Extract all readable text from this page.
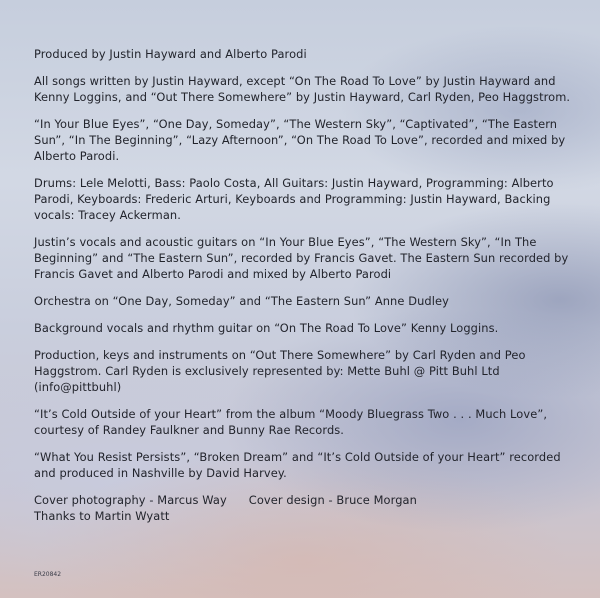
Produced by Justin Hayward and Alberto Parodi

All songs written by Justin Hayward, except “On The Road To Love” by Justin Hayward and Kenny Loggins, and “Out There Somewhere” by Justin Hayward, Carl Ryden, Peo Haggstrom.

“In Your Blue Eyes”, “One Day, Someday”, “The Western Sky”, “Captivated”, “The Eastern Sun”, “In The Beginning”, “Lazy Afternoon”, “On The Road To Love”, recorded and mixed by Alberto Parodi.

Drums: Lele Melotti, Bass: Paolo Costa, All Guitars: Justin Hayward, Programming: Alberto Parodi, Keyboards: Frederic Arturi, Keyboards and Programming: Justin Hayward, Backing vocals: Tracey Ackerman.

Justin’s vocals and acoustic guitars on “In Your Blue Eyes”, “The Western Sky”, “In The Beginning” and “The Eastern Sun”, recorded by Francis Gavet. The Eastern Sun recorded by Francis Gavet and Alberto Parodi and mixed by Alberto Parodi

Orchestra on “One Day, Someday” and “The Eastern Sun” Anne Dudley

Background vocals and rhythm guitar on “On The Road To Love” Kenny Loggins.

Production, keys and instruments on “Out There Somewhere” by Carl Ryden and Peo Haggstrom. Carl Ryden is exclusively represented by: Mette Buhl @ Pitt Buhl Ltd (info@pittbuhl)

“It’s Cold Outside of your Heart” from the album “Moody Bluegrass Two . . . Much Love”, courtesy of Randey Faulkner and Bunny Rae Records.

“What You Resist Persists”, “Broken Dream” and “It’s Cold Outside of your Heart” recorded and produced in Nashville by David Harvey.

Cover photography - Marcus Way Cover design - Bruce Morgan

Thanks to Martin Wyatt

ER20842
